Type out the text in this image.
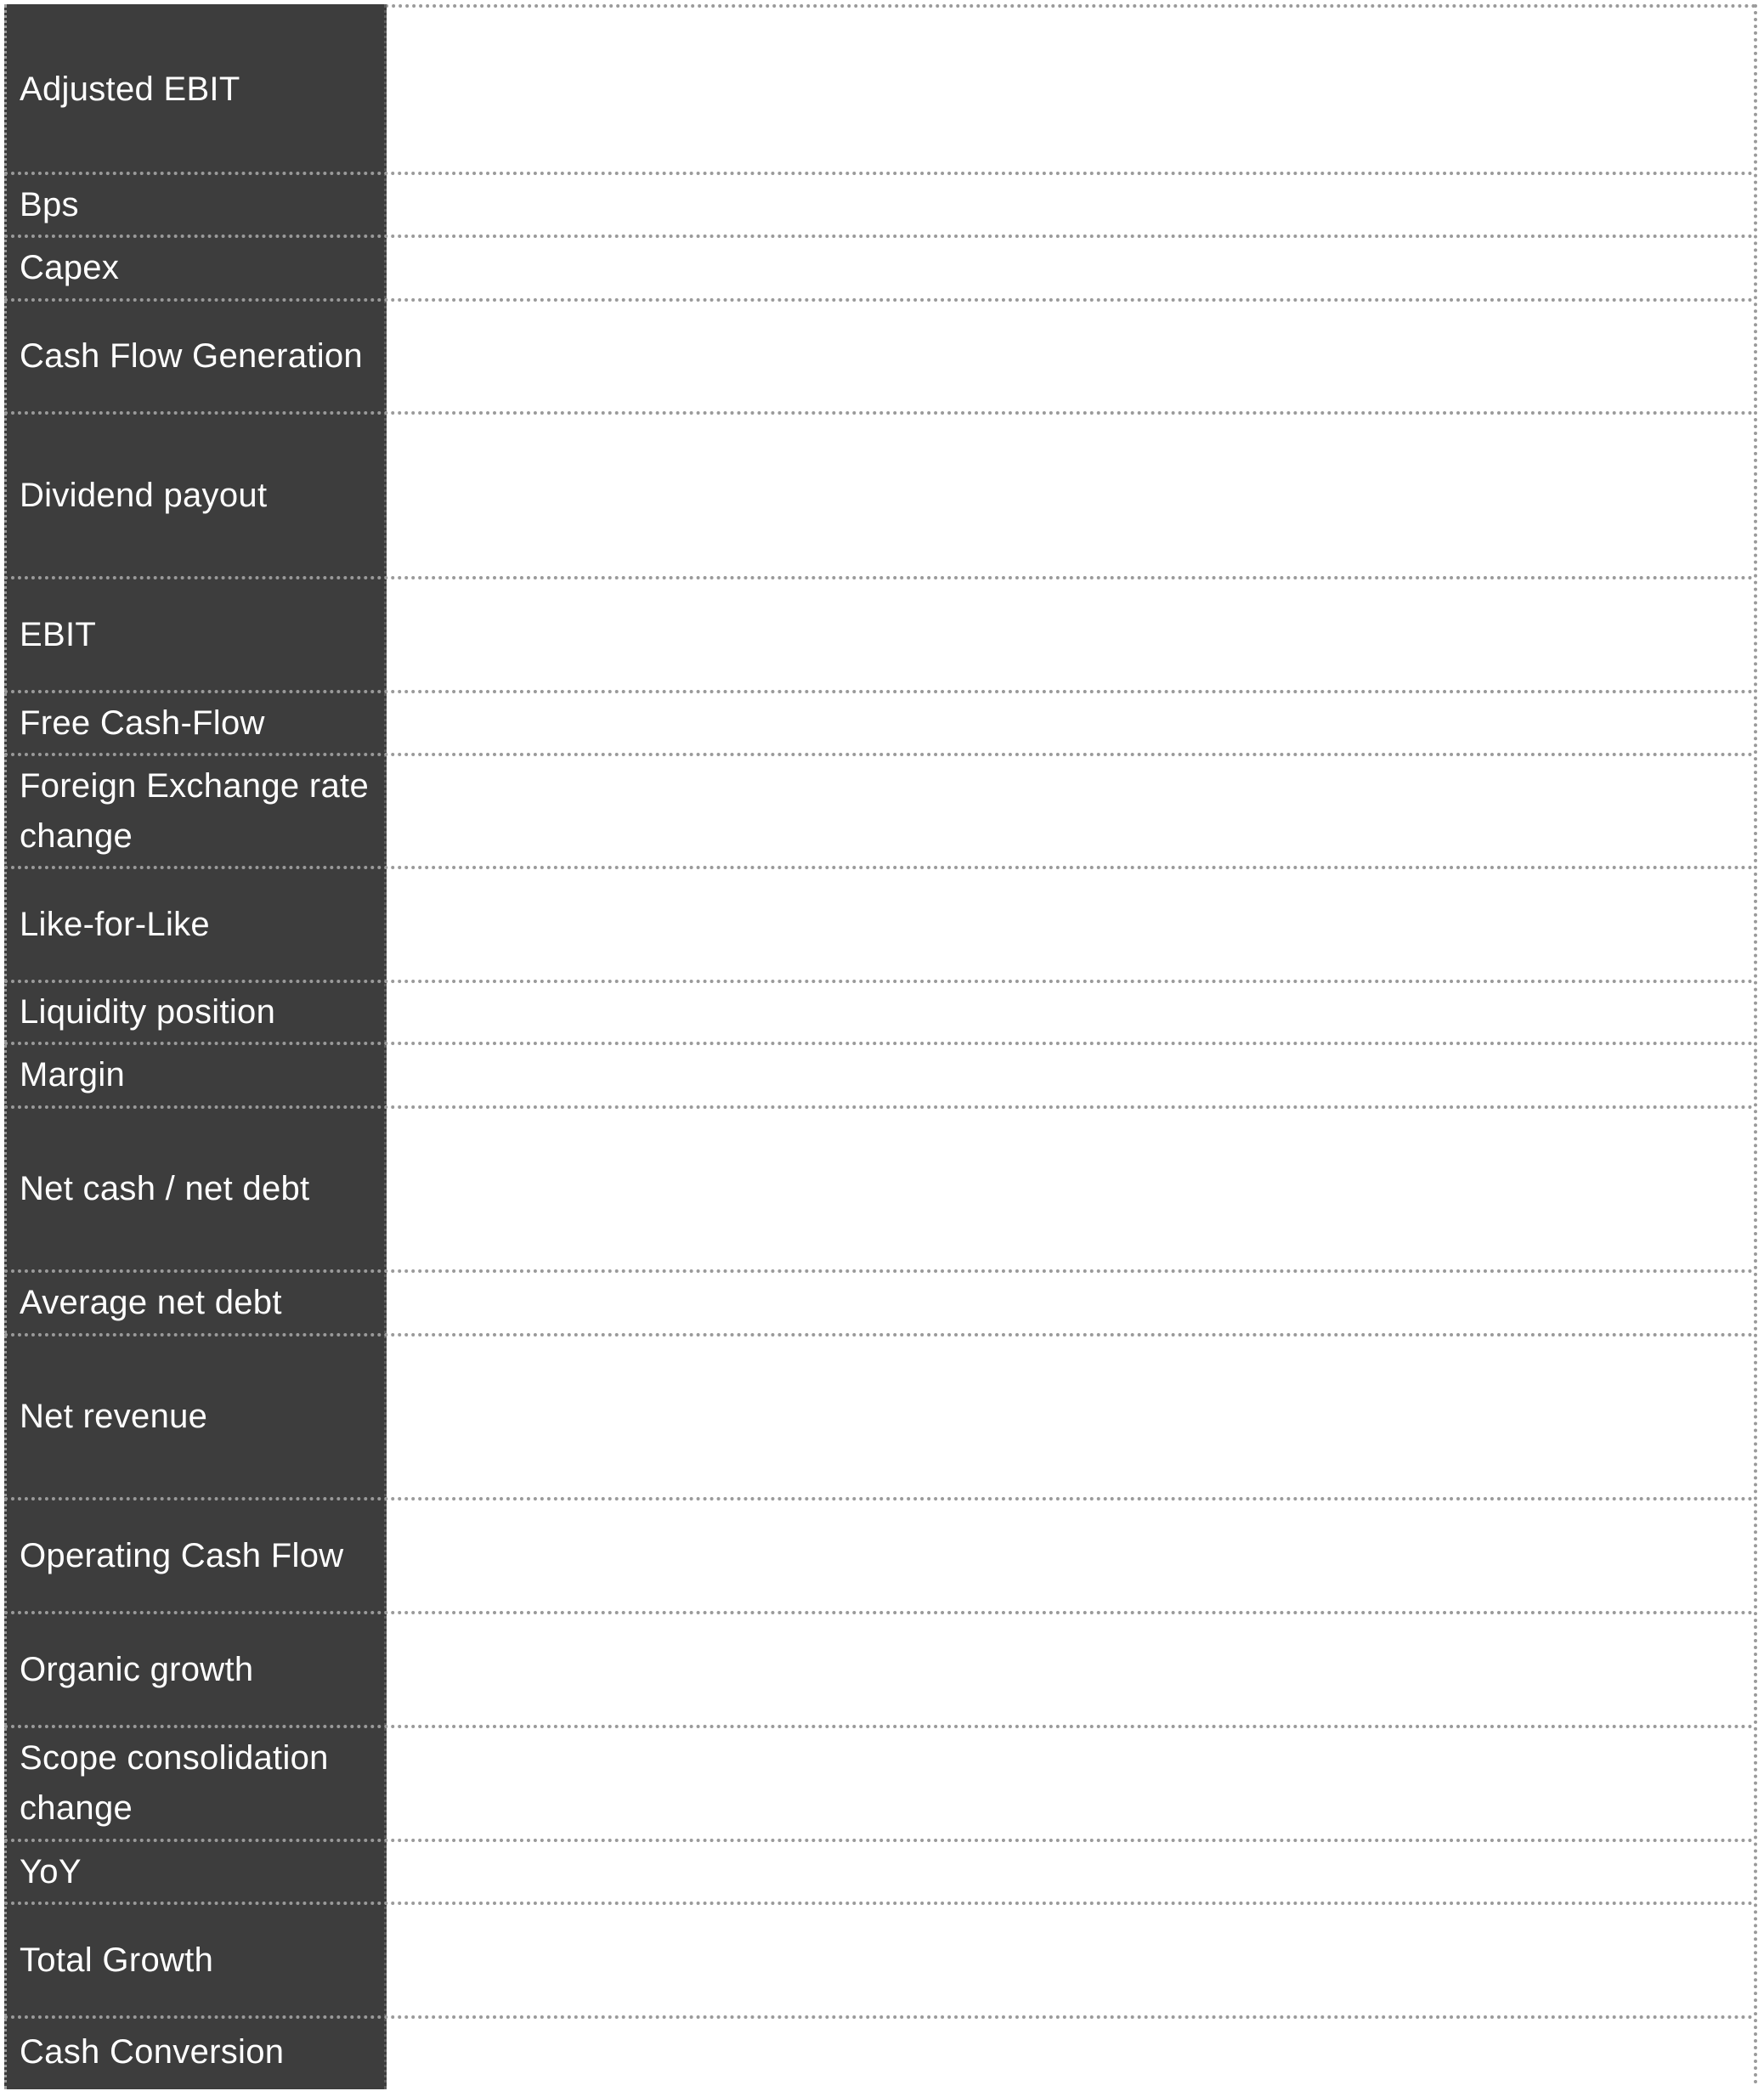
Adjusted EBIT
Bps
Capex
Cash Flow Generation
Dividend payout
EBIT
Free Cash-Flow
Foreign Exchange rate change
Like-for-Like
Liquidity position
Margin
Net cash / net debt
Average net debt
Net revenue
Operating Cash Flow
Organic growth
Scope consolidation change
YoY
Total Growth
Cash Conversion
